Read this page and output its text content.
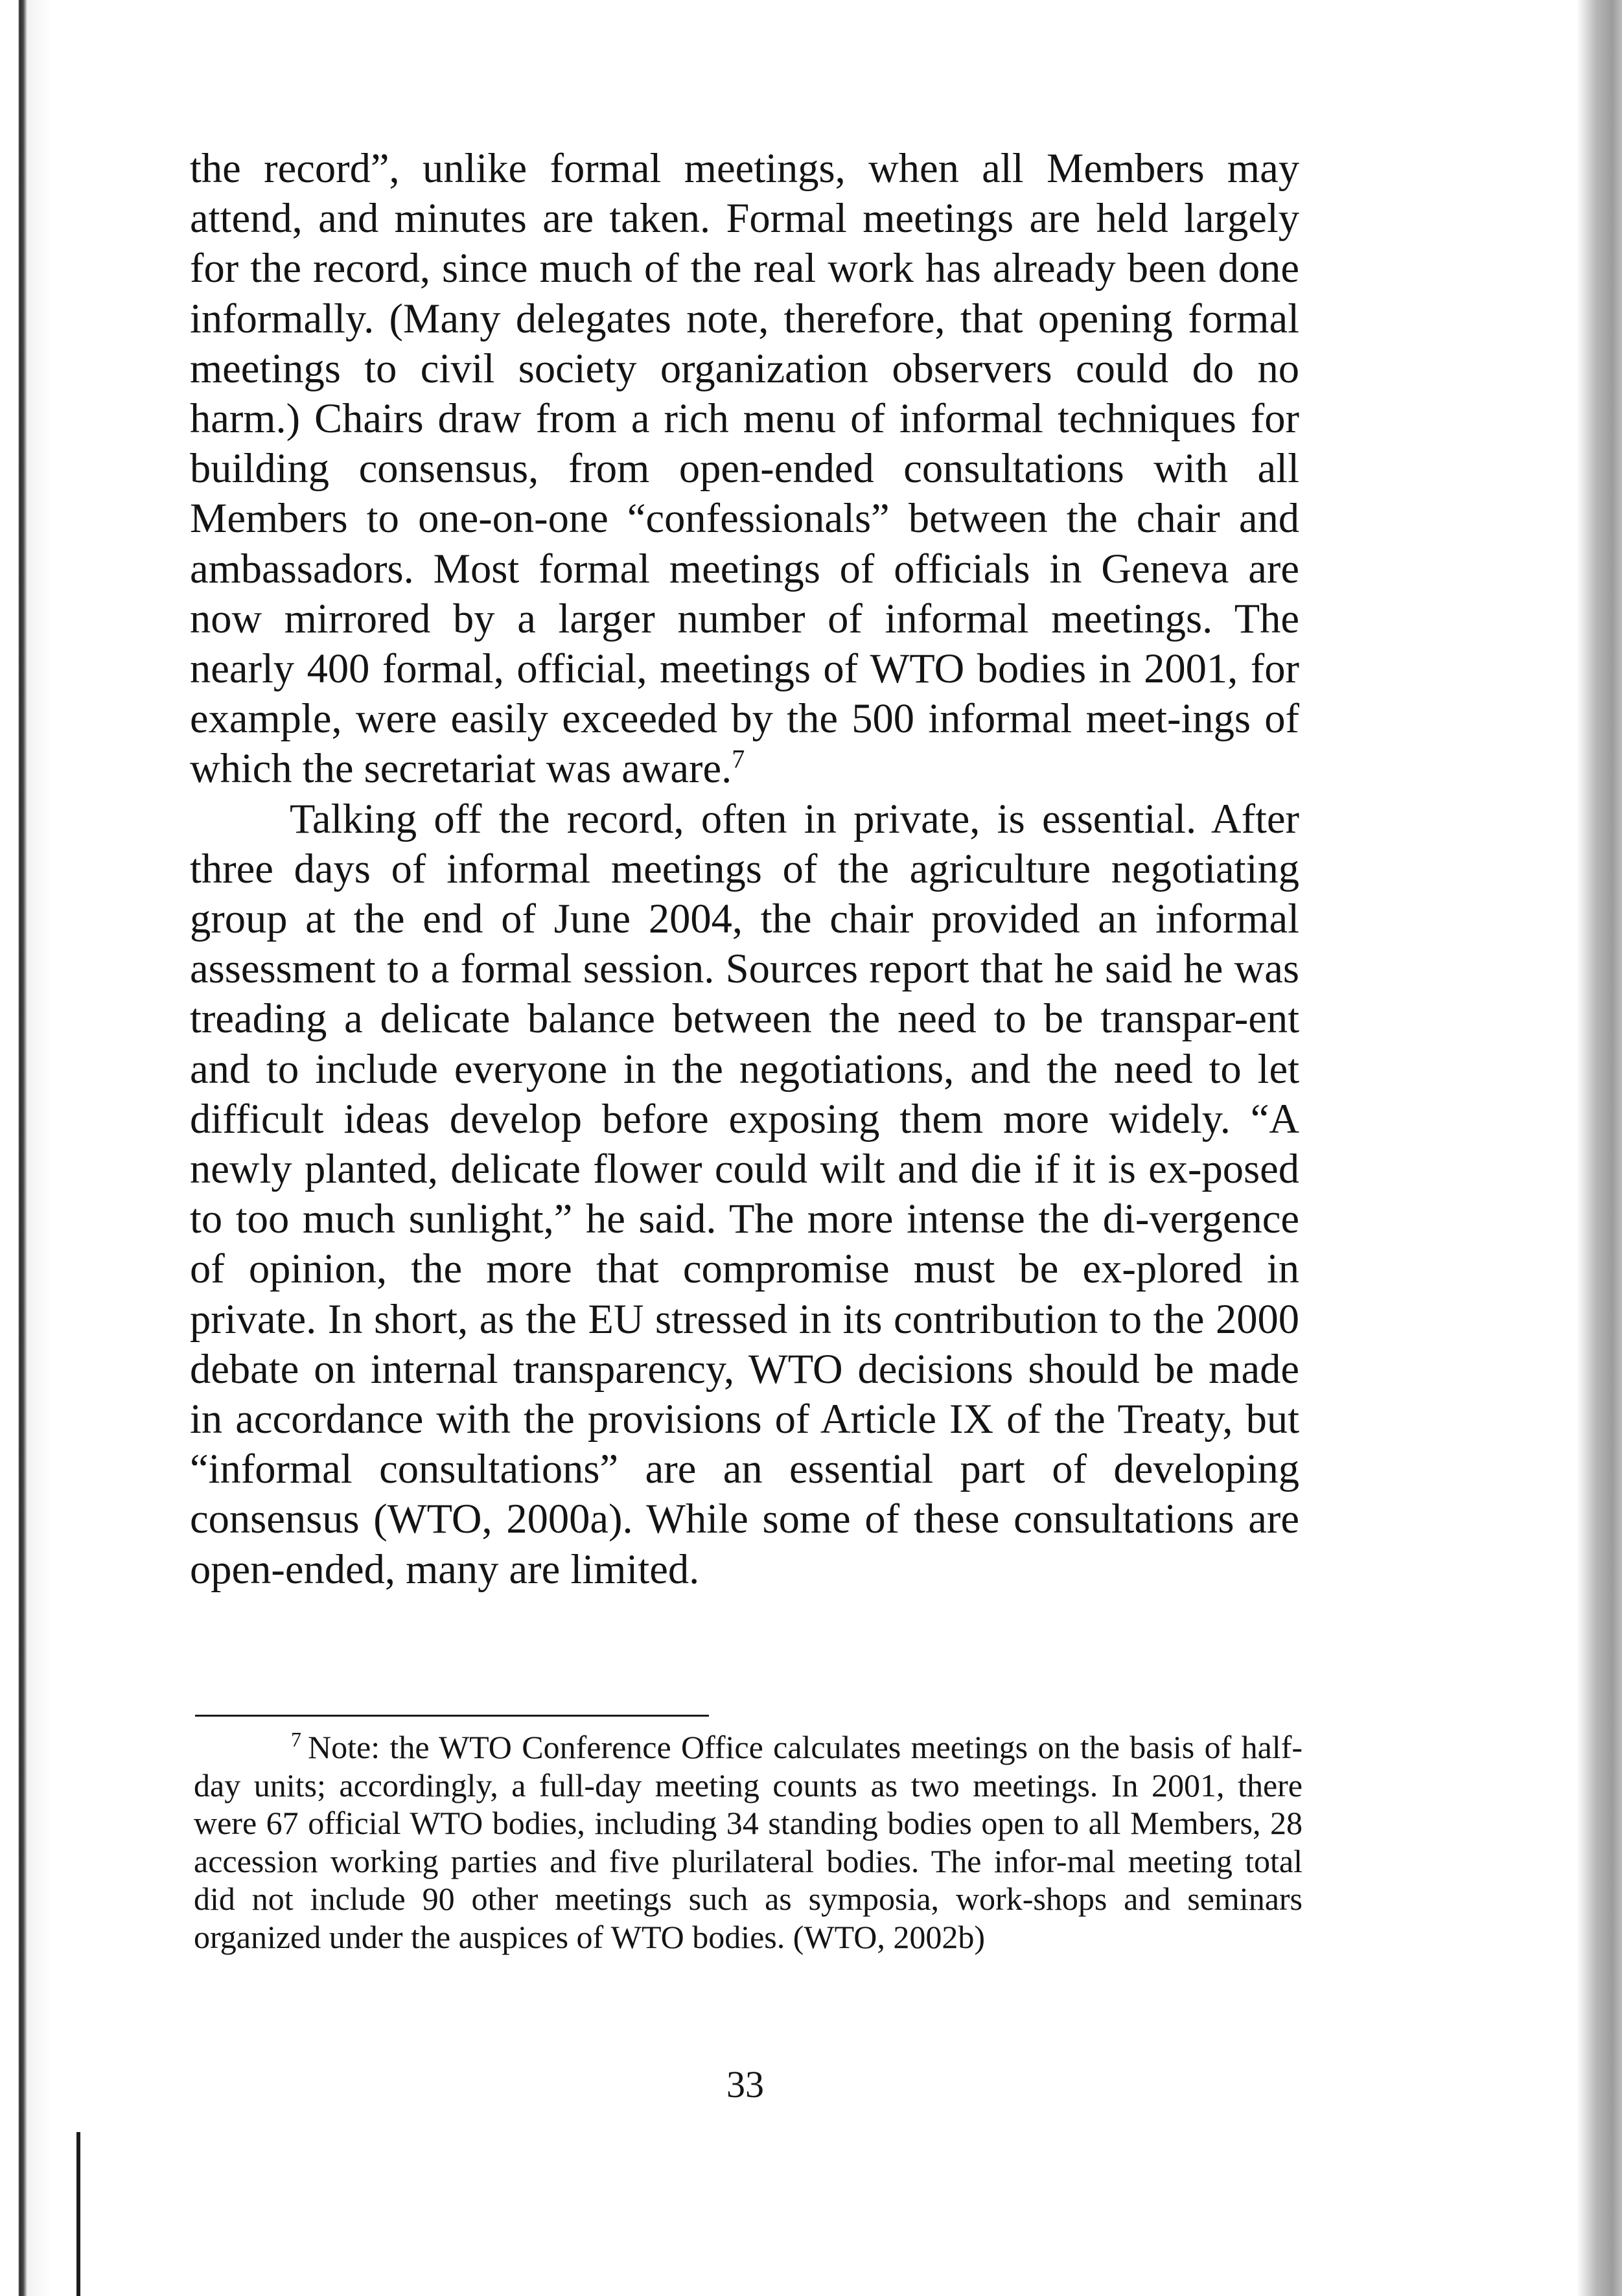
the record”, unlike formal meetings, when all Members may attend, and minutes are taken. Formal meetings are held largely for the record, since much of the real work has already been done informally. (Many delegates note, therefore, that opening formal meetings to civil society organization observers could do no harm.) Chairs draw from a rich menu of informal techniques for building consensus, from open-ended consultations with all Members to one-on-one “confessionals” between the chair and ambassadors. Most formal meetings of officials in Geneva are now mirrored by a larger number of informal meetings. The nearly 400 formal, official, meetings of WTO bodies in 2001, for example, were easily exceeded by the 500 informal meet-ings of which the secretariat was aware.$^7$

Talking off the record, often in private, is essential. After three days of informal meetings of the agriculture negotiating group at the end of June 2004, the chair provided an informal assessment to a formal session. Sources report that he said he was treading a delicate balance between the need to be transpar-ent and to include everyone in the negotiations, and the need to let difficult ideas develop before exposing them more widely. “A newly planted, delicate flower could wilt and die if it is ex-posed to too much sunlight,” he said. The more intense the di-vergence of opinion, the more that compromise must be ex-plored in private. In short, as the EU stressed in its contribution to the 2000 debate on internal transparency, WTO decisions should be made in accordance with the provisions of Article IX of the Treaty, but “informal consultations” are an essential part of developing consensus (WTO, 2000a). While some of these consultations are open-ended, many are limited.

$^7$ Note: the WTO Conference Office calculates meetings on the basis of half-day units; accordingly, a full-day meeting counts as two meetings. In 2001, there were 67 official WTO bodies, including 34 standing bodies open to all Members, 28 accession working parties and five plurilateral bodies. The infor-mal meeting total did not include 90 other meetings such as symposia, work-shops and seminars organized under the auspices of WTO bodies. (WTO, 2002b)

33
